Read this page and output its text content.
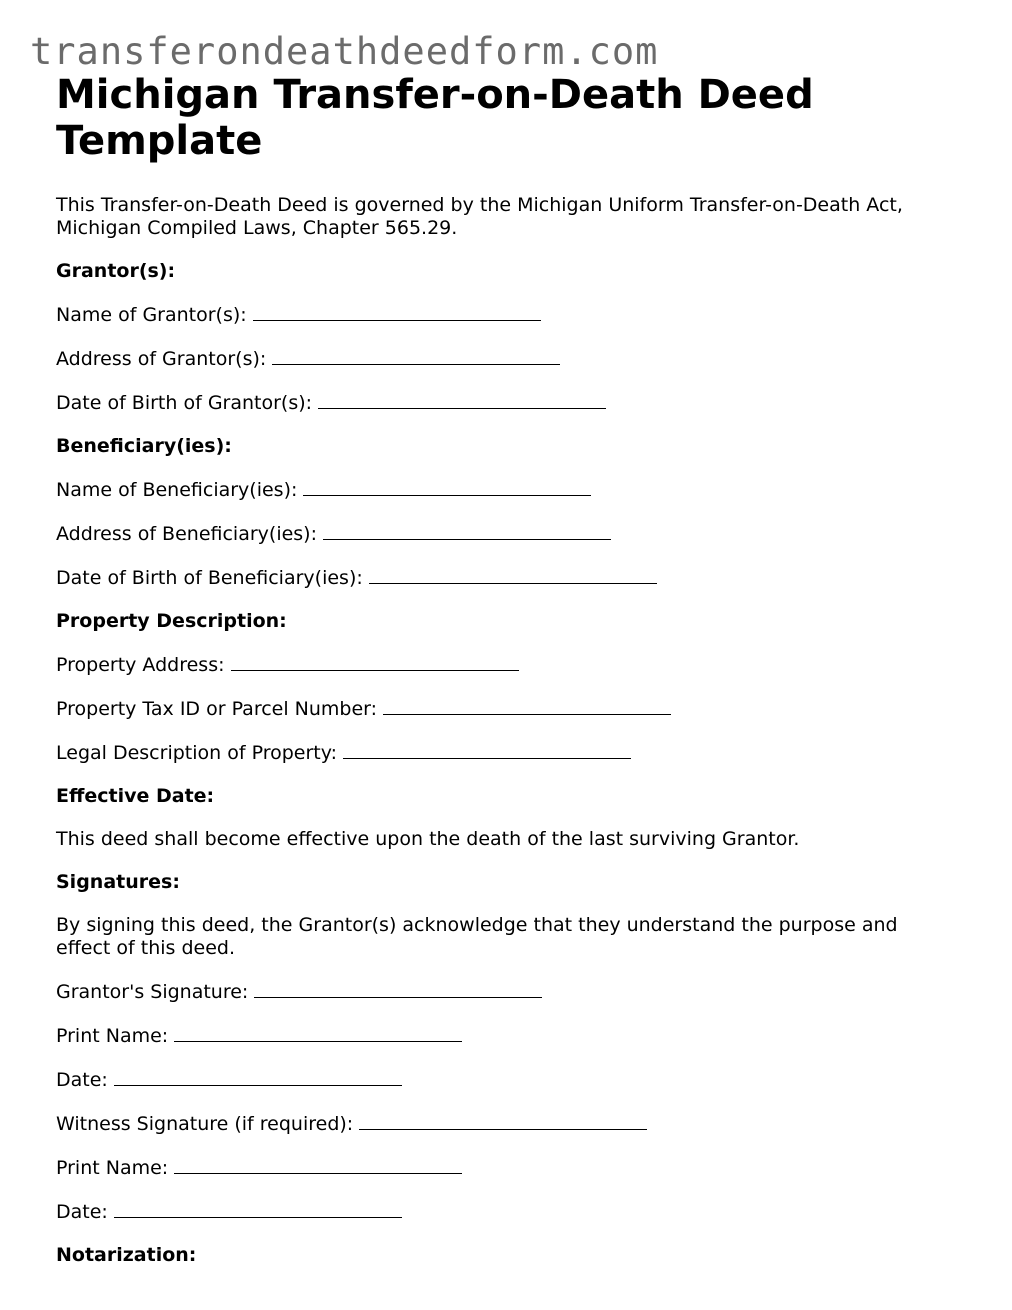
transferondeathdeedform.com
Michigan Transfer-on-Death Deed Template

This Transfer-on-Death Deed is governed by the Michigan Uniform Transfer-on-Death Act, Michigan Compiled Laws, Chapter 565.29.

Grantor(s):

Name of Grantor(s):

Address of Grantor(s):

Date of Birth of Grantor(s):

Beneficiary(ies):

Name of Beneficiary(ies):

Address of Beneficiary(ies):

Date of Birth of Beneficiary(ies):

Property Description:

Property Address:

Property Tax ID or Parcel Number:

Legal Description of Property:

Effective Date:

This deed shall become effective upon the death of the last surviving Grantor.

Signatures:

By signing this deed, the Grantor(s) acknowledge that they understand the purpose and effect of this deed.

Grantor's Signature:

Print Name:

Date:

Witness Signature (if required):

Print Name:

Date:

Notarization:
